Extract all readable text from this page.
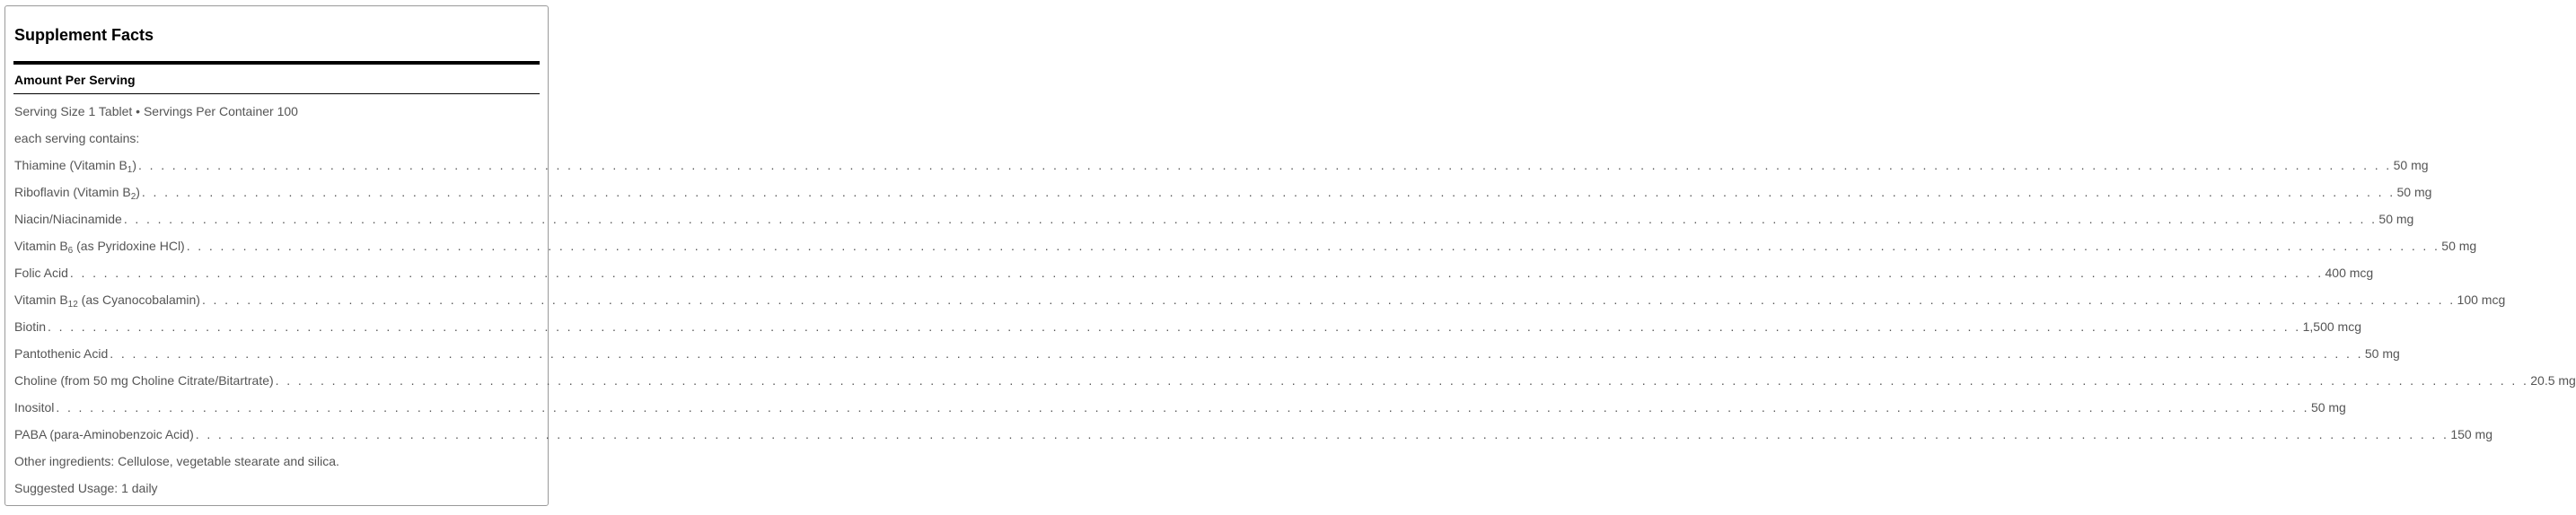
Supplement Facts
Amount Per Serving
Serving Size 1 Tablet • Servings Per Container 100
each serving contains:
Thiamine (Vitamin $B_1$) . . . . . . . . . . . . . . . . . . . . . . . . . . . . . . . . . . . . . . . . . . . . . . . . . . . . . . . . . . . . . . . . . . . . . . . . . . . . . . . . . . . . . . . . . . . . . . . . . . . . . . . . . . . . . . . . . . . . . . . . . . . . . . . . . . . . . . . . . . . . . . . . . . . . . . . . . . . . . . . . . . . . . . . . . . . . . . . . . . . . . . . . . . . . . . . . . . . . . . . . 50 mg
Riboflavin (Vitamin $B_2$) . . . . . . . . . . . . . . . . . . . . . . . . . . . . . . . . . . . . . . . . . . . . . . . . . . . . . . . . . . . . . . . . . . . . . . . . . . . . . . . . . . . . . . . . . . . . . . . . . . . . . . . . . . . . . . . . . . . . . . . . . . . . . . . . . . . . . . . . . . . . . . . . . . . . . . . . . . . . . . . . . . . . . . . . . . . . . . . . . . . . . . . . . . . . . . . . . . . . . . . . 50 mg
Niacin/Niacinamide . . . . . . . . . . . . . . . . . . . . . . . . . . . . . . . . . . . . . . . . . . . . . . . . . . . . . . . . . . . . . . . . . . . . . . . . . . . . . . . . . . . . . . . . . . . . . . . . . . . . . . . . . . . . . . . . . . . . . . . . . . . . . . . . . . . . . . . . . . . . . . . . . . . . . . . . . . . . . . . . . . . . . . . . . . . . . . . . . . . . . . . . . . . . . . . . . . . . . . . . 50 mg
Vitamin $B_6$ (as Pyridoxine HCl) . . . . . . . . . . . . . . . . . . . . . . . . . . . . . . . . . . . . . . . . . . . . . . . . . . . . . . . . . . . . . . . . . . . . . . . . . . . . . . . . . . . . . . . . . . . . . . . . . . . . . . . . . . . . . . . . . . . . . . . . . . . . . . . . . . . . . . . . . . . . . . . . . . . . . . . . . . . . . . . . . . . . . . . . . . . . . . . . . . . . . . . . . . . . . . . . . . . . . . . . 50 mg
Folic Acid . . . . . . . . . . . . . . . . . . . . . . . . . . . . . . . . . . . . . . . . . . . . . . . . . . . . . . . . . . . . . . . . . . . . . . . . . . . . . . . . . . . . . . . . . . . . . . . . . . . . . . . . . . . . . . . . . . . . . . . . . . . . . . . . . . . . . . . . . . . . . . . . . . . . . . . . . . . . . . . . . . . . . . . . . . . . . . . . . . . . . . . . . . . . . . . . . . . . . . . . 400 mcg
Vitamin $B_{12}$ (as Cyanocobalamin) . . . . . . . . . . . . . . . . . . . . . . . . . . . . . . . . . . . . . . . . . . . . . . . . . . . . . . . . . . . . . . . . . . . . . . . . . . . . . . . . . . . . . . . . . . . . . . . . . . . . . . . . . . . . . . . . . . . . . . . . . . . . . . . . . . . . . . . . . . . . . . . . . . . . . . . . . . . . . . . . . . . . . . . . . . . . . . . . . . . . . . . . . . . . . . . . . . . . . . . . 100 mcg
Biotin . . . . . . . . . . . . . . . . . . . . . . . . . . . . . . . . . . . . . . . . . . . . . . . . . . . . . . . . . . . . . . . . . . . . . . . . . . . . . . . . . . . . . . . . . . . . . . . . . . . . . . . . . . . . . . . . . . . . . . . . . . . . . . . . . . . . . . . . . . . . . . . . . . . . . . . . . . . . . . . . . . . . . . . . . . . . . . . . . . . . . . . . . . . . . . . . . . . . . . . . 1,500 mcg
Pantothenic Acid . . . . . . . . . . . . . . . . . . . . . . . . . . . . . . . . . . . . . . . . . . . . . . . . . . . . . . . . . . . . . . . . . . . . . . . . . . . . . . . . . . . . . . . . . . . . . . . . . . . . . . . . . . . . . . . . . . . . . . . . . . . . . . . . . . . . . . . . . . . . . . . . . . . . . . . . . . . . . . . . . . . . . . . . . . . . . . . . . . . . . . . . . . . . . . . . . . . . . . . . 50 mg
Choline (from 50 mg Choline Citrate/Bitartrate) . . . . . . . . . . . . . . . . . . . . . . . . . . . . . . . . . . . . . . . . . . . . . . . . . . . . . . . . . . . . . . . . . . . . . . . . . . . . . . . . . . . . . . . . . . . . . . . . . . . . . . . . . . . . . . . . . . . . . . . . . . . . . . . . . . . . . . . . . . . . . . . . . . . . . . . . . . . . . . . . . . . . . . . . . . . . . . . . . . . . . . . . . . . . . . . . . . . . . . . . 20.5 mg
Inositol . . . . . . . . . . . . . . . . . . . . . . . . . . . . . . . . . . . . . . . . . . . . . . . . . . . . . . . . . . . . . . . . . . . . . . . . . . . . . . . . . . . . . . . . . . . . . . . . . . . . . . . . . . . . . . . . . . . . . . . . . . . . . . . . . . . . . . . . . . . . . . . . . . . . . . . . . . . . . . . . . . . . . . . . . . . . . . . . . . . . . . . . . . . . . . . . . . . . . . . . 50 mg
PABA (para-Aminobenzoic Acid) . . . . . . . . . . . . . . . . . . . . . . . . . . . . . . . . . . . . . . . . . . . . . . . . . . . . . . . . . . . . . . . . . . . . . . . . . . . . . . . . . . . . . . . . . . . . . . . . . . . . . . . . . . . . . . . . . . . . . . . . . . . . . . . . . . . . . . . . . . . . . . . . . . . . . . . . . . . . . . . . . . . . . . . . . . . . . . . . . . . . . . . . . . . . . . . . . . . . . . . . 150 mg
Other ingredients: Cellulose, vegetable stearate and silica.
Suggested Usage: 1 daily
